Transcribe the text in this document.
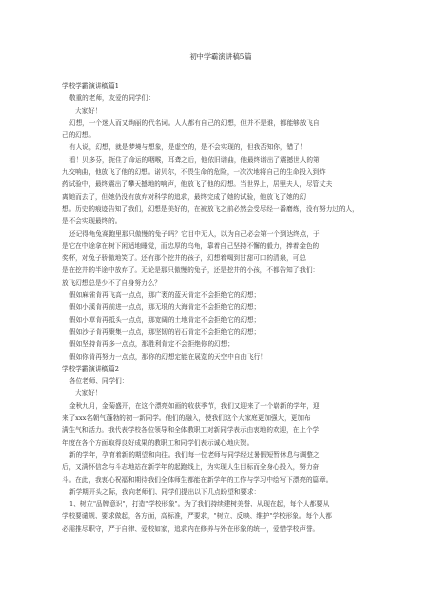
初中学霸演讲稿5篇
学校学霸演讲稿篇1
敬重的老师，友爱的同学们：
大家好！
幻想，一个迷人而又绚丽的代名词。人人都有自己的幻想，但并不是谁，都能够放飞自
己的幻想。
有人说，幻想，就是梦境与想象，是虚空的，是不会实现的，但我否知你，错了！
看！贝多芬，扼住了命运的咽喉，耳聋之后，他依旧谱曲，他最终谱出了震撼世人的第
九交响曲，他放飞了他的幻想。诺贝尔，不畏生命的危险，一次次地将自己的生命投入到炸
药试验中，最终震出了攀天撼地的响声，他放飞了他的幻想。当世界上，居里夫人，尽管丈夫
离她而去了，但她仍没有放弃对科学的追求，最终完成了她的试验，他放飞了她的幻
想。历史的痕迹告知了我们，幻想是美好的，在被放飞之前必然会受尽经一番磨炼，没有努力过的人，
是不会实现最终的。
还记得龟兔赛跑里那只傲慢的兔子吗？它目中无人，以为自己必会第一个到达终点，于
是它在中途拿在树下闲适地睡觉，而忠厚的乌龟，靠着自己坚持不懈的毅力，捧着金色的
奖杯，对兔子骄傲地笑了。还有那个挖井的孩子，幻想着喝到甘甜可口的清泉，可总
是在挖井的半途中放弃了。无论是那只傲慢的兔子，还是挖井的小孩，不都告知了我们：
放飞幻想总是少不了自身努力么？
假如麻雀肯再飞高一点点，那广袤的蓝天肯定不会拒绝它的幻想；
假如小溪肯再前进一点点，那无垠的大海肯定不会拒绝它的幻想；
假如小草肯再抵头一点点，那宽阔的土地肯定不会拒绝它的幻想；
假如沙子肯再聚集一点点，那坚韧的岩石肯定不会拒绝它的幻想；
假如坚持肯再多一点点，那胜利肯定不会拒绝你的幻想；
假如你肯再努力一点点，那你的幻想定能在展览的天空中自由飞行！
学校学霸演讲稿篇2
各位老师、同学们：
大家好！
金秋九月，金菊盛开，在这个漂亮如画的收获季节，我们又迎来了一个崭新的学年，迎
来了xxx名朝气蓬勃的初一新同学。他们的融入，使我们这个大家庭更加强大，更加布
满生气和活力。我代表学校各位领导和全体教职工对新同学表示由衷地的欢迎，在上个学
年度在各个方面取得良好成果的教职工和同学们表示诚心地庆贺。
新的学年，孕育着新的期望和向往。我们每一位老师与同学经过暑假短暂休息与调整之
后，又满怀信念与斗志地站在新学年的起跑线上，为实现人生目标而全身心投入，努力奋
斗。在此，我衷心祝福和期待我们全体师生都能在新学年的工作与学习中绘写下漂亮的篇章。
新学期开头之际，我向老师们、同学们提出以下几点盼望和要求：
1、树立"品牌意识"，打造"学校形象"。为了我们持续建树美誉、从现在起，每个人都要从
学校要谴规、要求做起，各方面，高标准，严要求，"树立、反映、维护"学校形象。每个人都
必需推尽职守，严于自律、爱校如家，追求内在修养与外在形象的统一，爱惜学校声誉。
